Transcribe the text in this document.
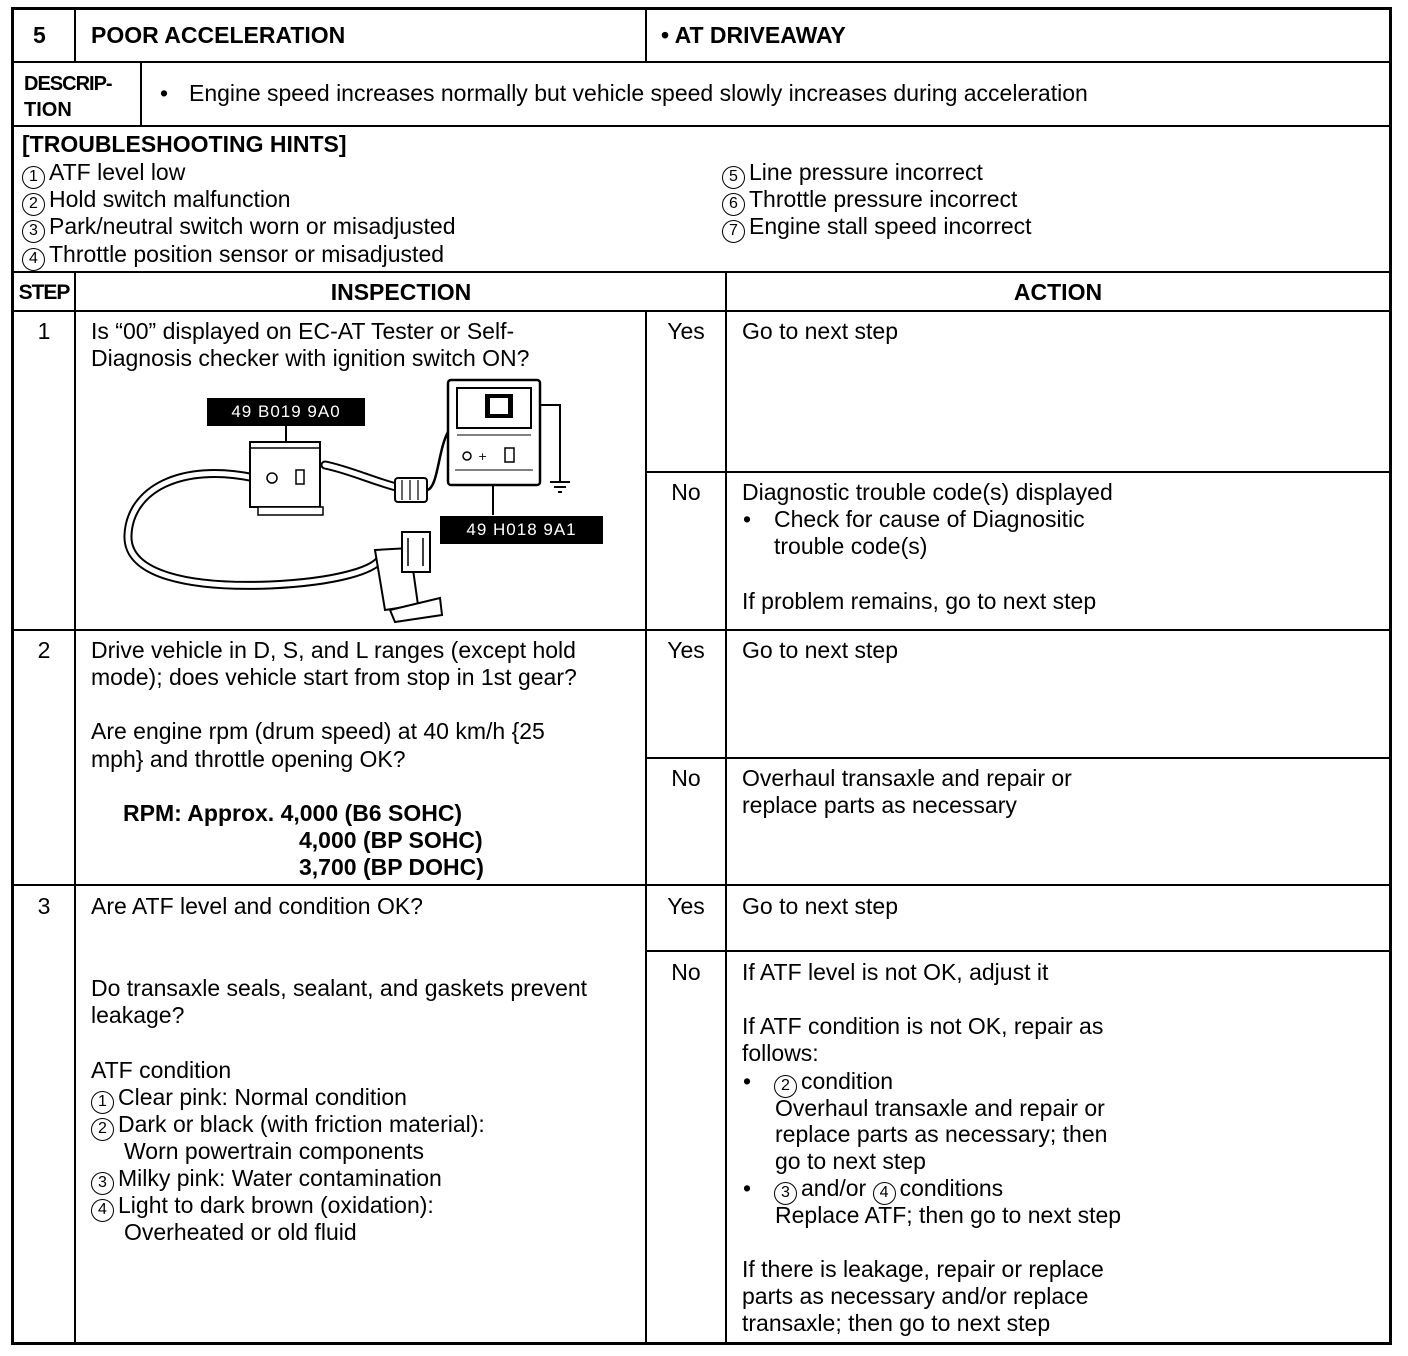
5 POOR ACCELERATION	• AT DRIVEAWAY
DESCRIP-
TION
• Engine speed increases normally but vehicle speed slowly increases during acceleration
[TROUBLESHOOTING HINTS]
1 ATF level low
2 Hold switch malfunction
3 Park/neutral switch worn or misadjusted
4 Throttle position sensor or misadjusted
5 Line pressure incorrect
6 Throttle pressure incorrect
7 Engine stall speed incorrect
STEP	INSPECTION	ACTION
1	Is “00” displayed on EC-AT Tester or Self-
Diagnosis checker with ignition switch ON?
+
49 B019 9A0
49 H018 9A1
Yes	Go to next step
No	Diagnostic trouble code(s) displayed
• Check for cause of Diagnositic
trouble code(s)
If problem remains, go to next step
2	Drive vehicle in D, S, and L ranges (except hold
mode); does vehicle start from stop in 1st gear?
Are engine rpm (drum speed) at 40 km/h {25
mph} and throttle opening OK?
RPM: Approx. 4,000 (B6 SOHC)
4,000 (BP SOHC)
3,700 (BP DOHC)
Yes	Go to next step
No	Overhaul transaxle and repair or
replace parts as necessary
3	Are ATF level and condition OK?
Do transaxle seals, sealant, and gaskets prevent
leakage?
ATF condition
1 Clear pink: Normal condition
2 Dark or black (with friction material):
Worn powertrain components
3 Milky pink: Water contamination
4 Light to dark brown (oxidation):
Overheated or old fluid
Yes	Go to next step
No	If ATF level is not OK, adjust it
If ATF condition is not OK, repair as
follows:
•	2 condition
Overhaul transaxle and repair or
replace parts as necessary; then
go to next step
•	3 and/or 4 conditions
Replace ATF; then go to next step
If there is leakage, repair or replace
parts as necessary and/or replace
transaxle; then go to next step
